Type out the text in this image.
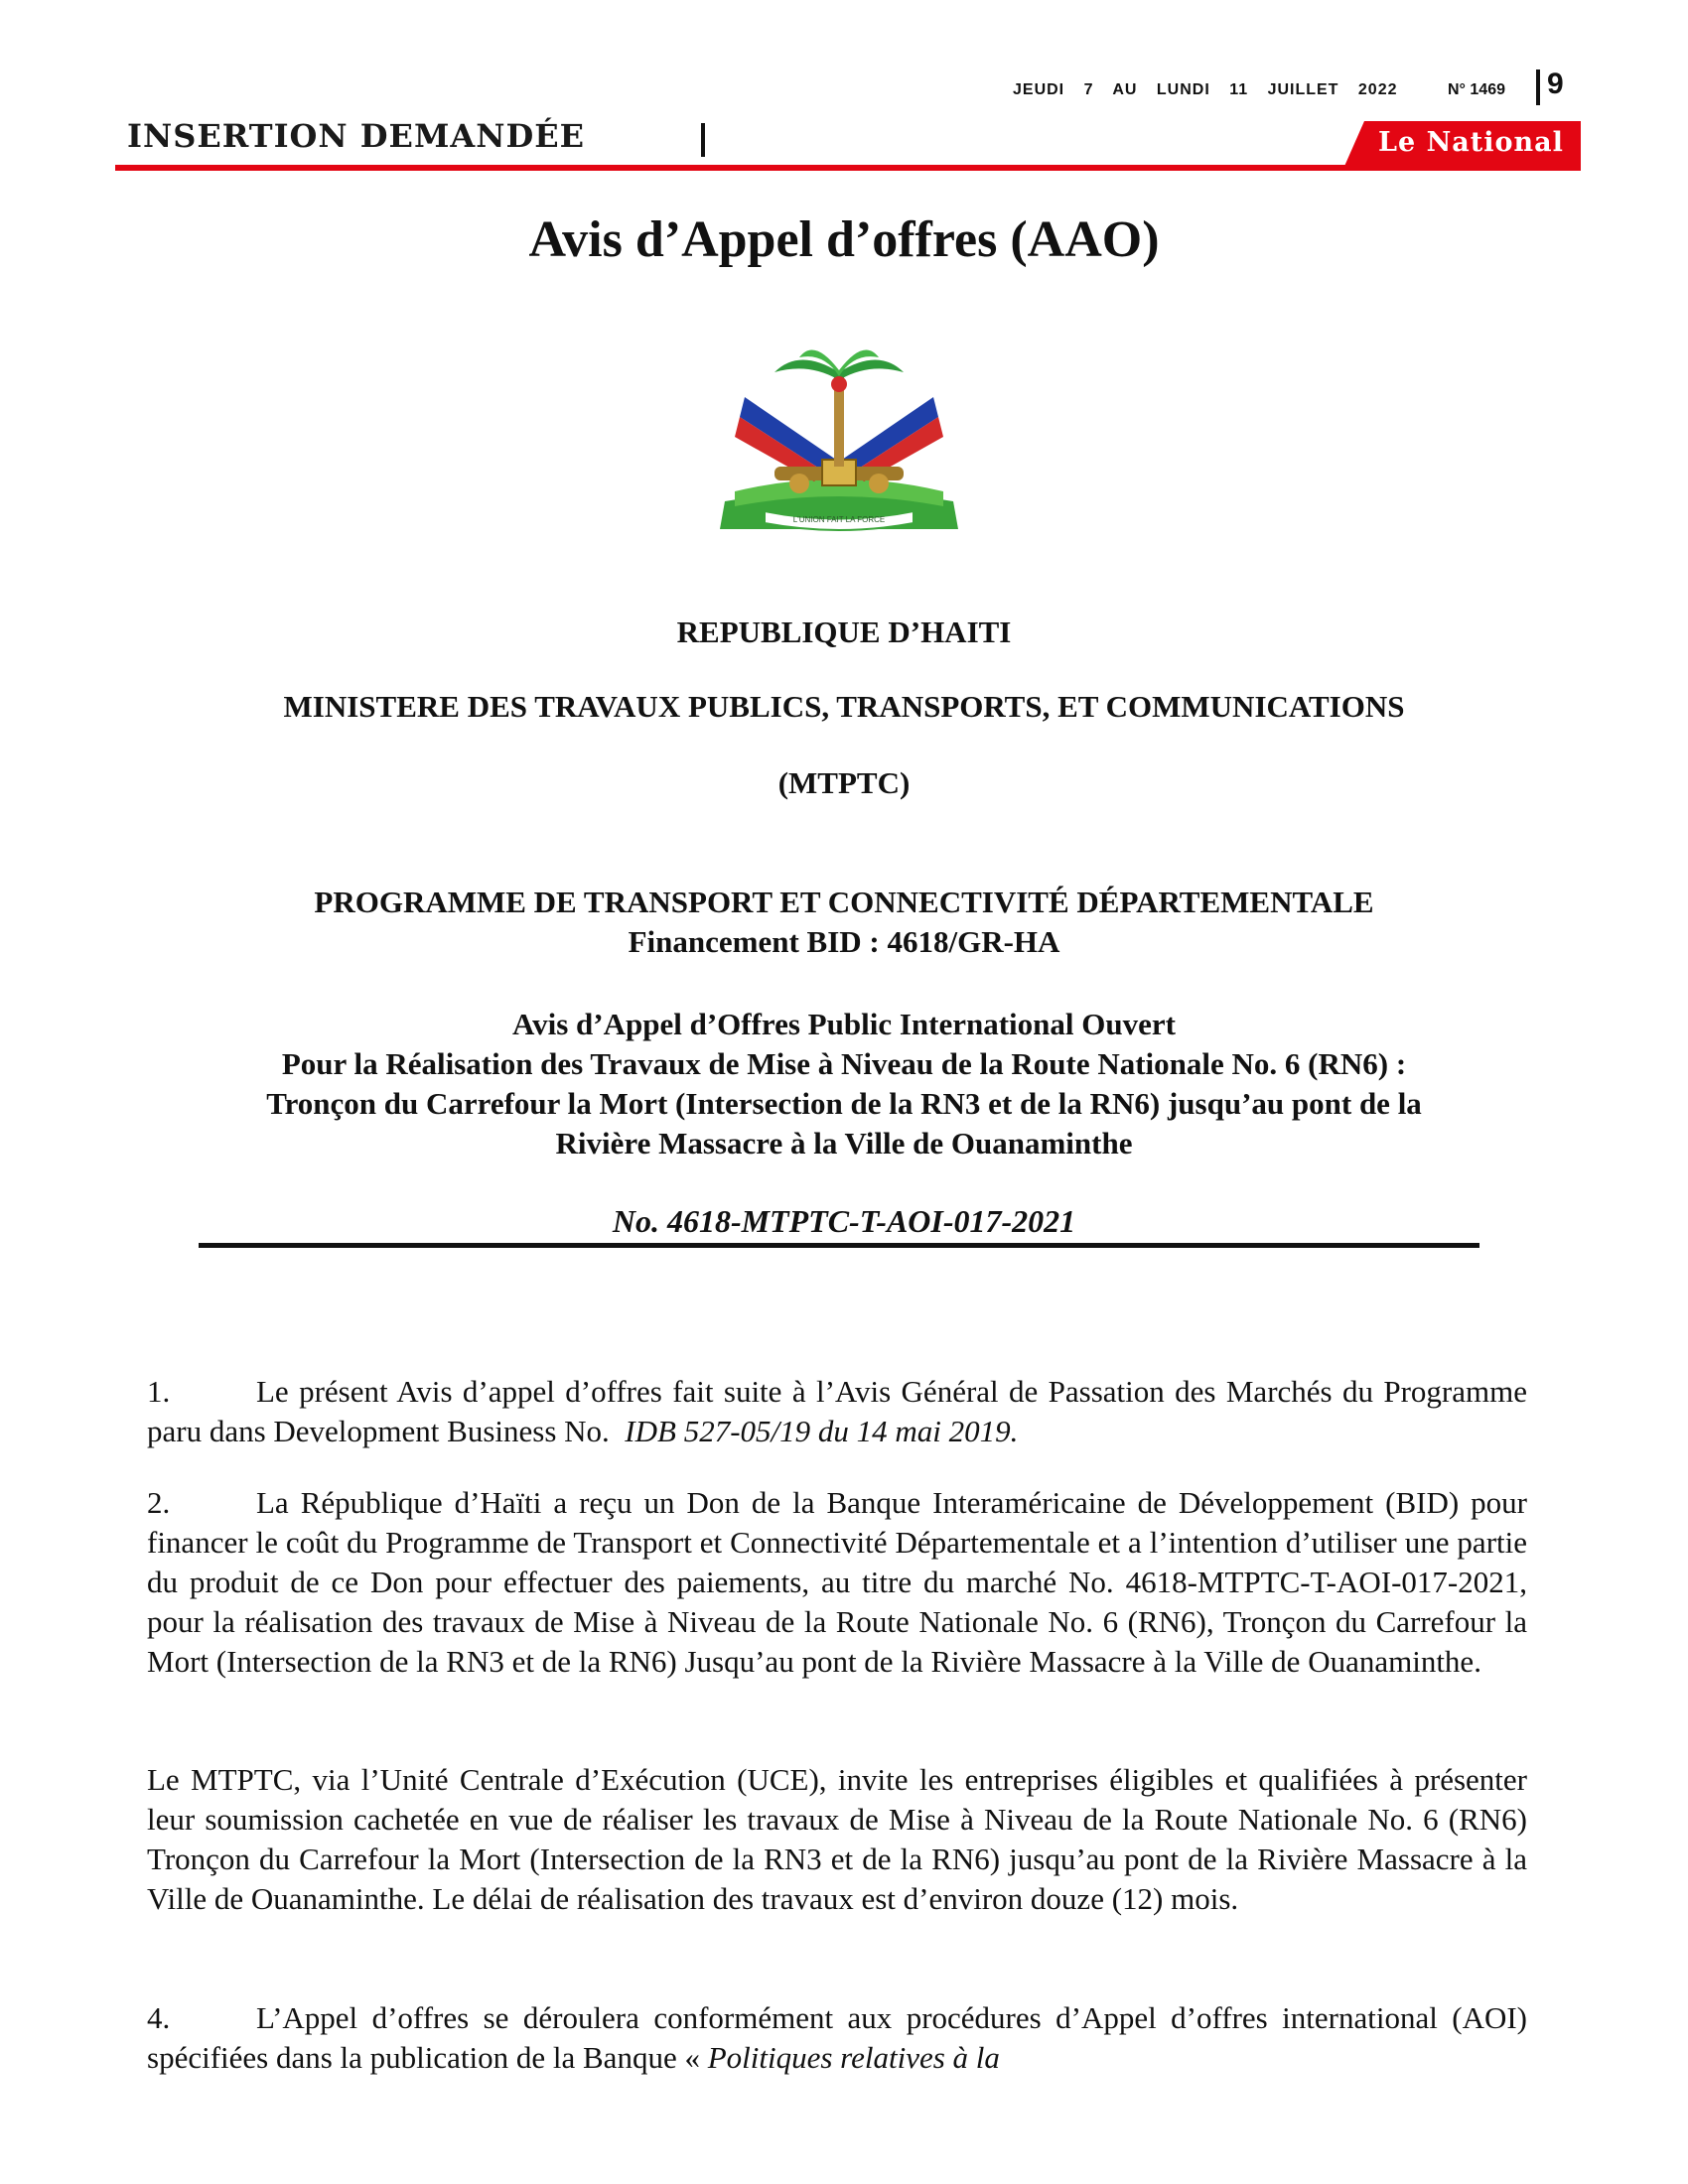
JEUDI 7 AU LUNDI 11 JUILLET 2022	N° 1469 9
INSERTION DEMANDÉE	Le National
Avis d’Appel d’offres (AAO)
L'UNION FAIT LA FORCE
REPUBLIQUE D’HAITI
MINISTERE DES TRAVAUX PUBLICS, TRANSPORTS, ET COMMUNICATIONS
(MTPTC)
PROGRAMME DE TRANSPORT ET CONNECTIVITÉ DÉPARTEMENTALE
Financement BID : 4618/GR-HA
Avis d’Appel d’Offres Public International Ouvert
Pour la Réalisation des Travaux de Mise à Niveau de la Route Nationale No. 6 (RN6) :
Tronçon du Carrefour la Mort (Intersection de la RN3 et de la RN6) jusqu’au pont de la
Rivière Massacre à la Ville de Ouanaminthe
No. 4618-MTPTC-T-AOI-017-2021
1.	Le présent Avis d’appel d’offres fait suite à l’Avis Général de Passation des Marchés du Programme paru dans Development Business No. IDB 527-05/19 du 14 mai 2019.
2.	La République d’Haïti a reçu un Don de la Banque Interaméricaine de Développement (BID) pour financer le coût du Programme de Transport et Connectivité Départementale et a l’intention d’utiliser une partie du produit de ce Don pour effectuer des paiements, au titre du marché No. 4618-MTPTC-T-AOI-017-2021, pour la réalisation des travaux de Mise à Niveau de la Route Nationale No. 6 (RN6), Tronçon du Carrefour la Mort (Intersection de la RN3 et de la RN6) Jusqu’au pont de la Rivière Massacre à la Ville de Ouanaminthe.
Le MTPTC, via l’Unité Centrale d’Exécution (UCE), invite les entreprises éligibles et qualifiées à présenter leur soumission cachetée en vue de réaliser les travaux de Mise à Niveau de la Route Nationale No. 6 (RN6) Tronçon du Carrefour la Mort (Intersection de la RN3 et de la RN6) jusqu’au pont de la Rivière Massacre à la Ville de Ouanaminthe. Le délai de réalisation des travaux est d’environ douze (12) mois.
4.	L’Appel d’offres se déroulera conformément aux procédures d’Appel d’offres international (AOI) spécifiées dans la publication de la Banque « Politiques relatives à la
